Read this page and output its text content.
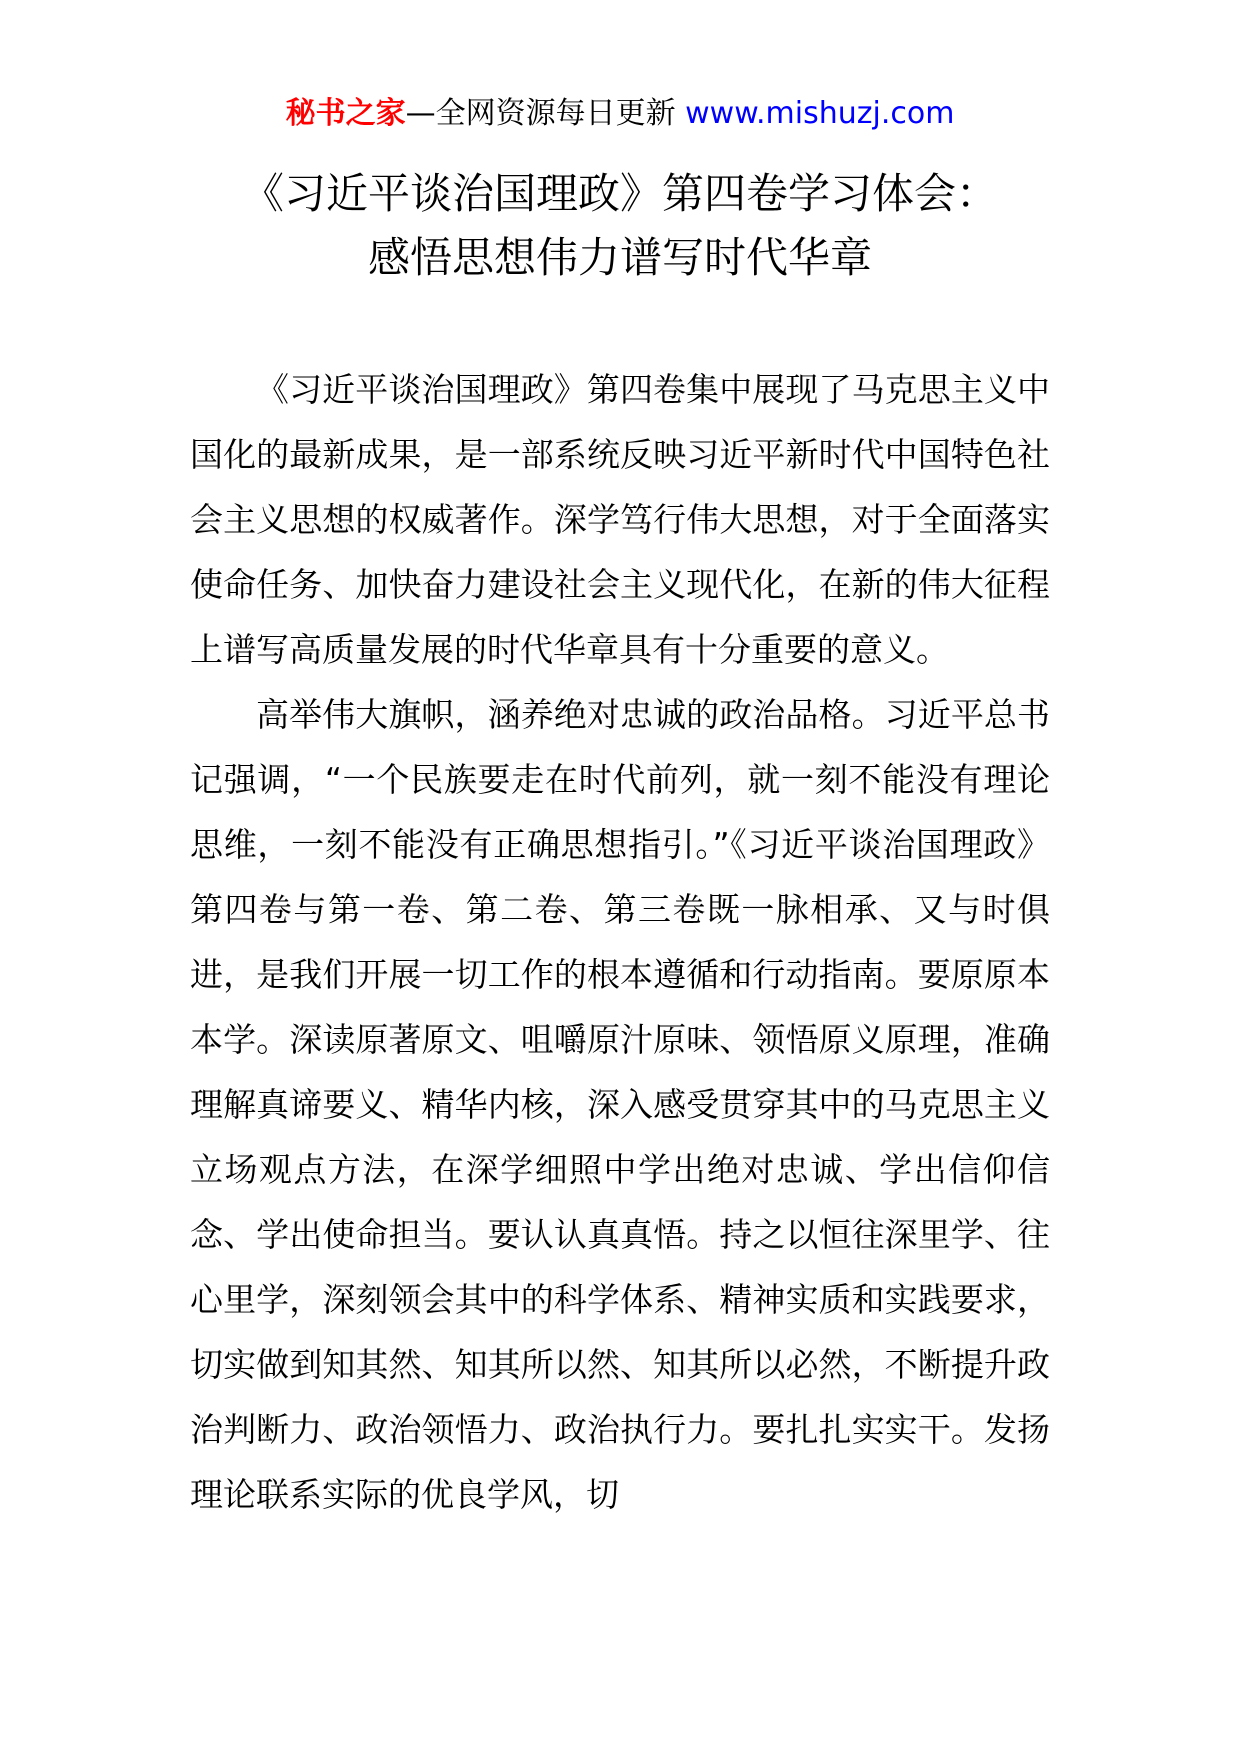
秘书之家—全网资源每日更新 www.mishuzj.com
《习近平谈治国理政》第四卷学习体会：
感悟思想伟力谱写时代华章

《习近平谈治国理政》第四卷集中展现了马克思主义中国化的最新成果，是一部系统反映习近平新时代中国特色社会主义思想的权威著作。深学笃行伟大思想，对于全面落实使命任务、加快奋力建设社会主义现代化，在新的伟大征程上谱写高质量发展的时代华章具有十分重要的意义。

高举伟大旗帜，涵养绝对忠诚的政治品格。习近平总书记强调，“一个民族要走在时代前列，就一刻不能没有理论思维，一刻不能没有正确思想指引。”《习近平谈治国理政》第四卷与第一卷、第二卷、第三卷既一脉相承、又与时俱进，是我们开展一切工作的根本遵循和行动指南。要原原本本学。深读原著原文、咀嚼原汁原味、领悟原义原理，准确理解真谛要义、精华内核，深入感受贯穿其中的马克思主义立场观点方法，在深学细照中学出绝对忠诚、学出信仰信念、学出使命担当。要认认真真悟。持之以恒往深里学、往心里学，深刻领会其中的科学体系、精神实质和实践要求，切实做到知其然、知其所以然、知其所以必然，不断提升政治判断力、政治领悟力、政治执行力。要扎扎实实干。发扬理论联系实际的优良学风，切
